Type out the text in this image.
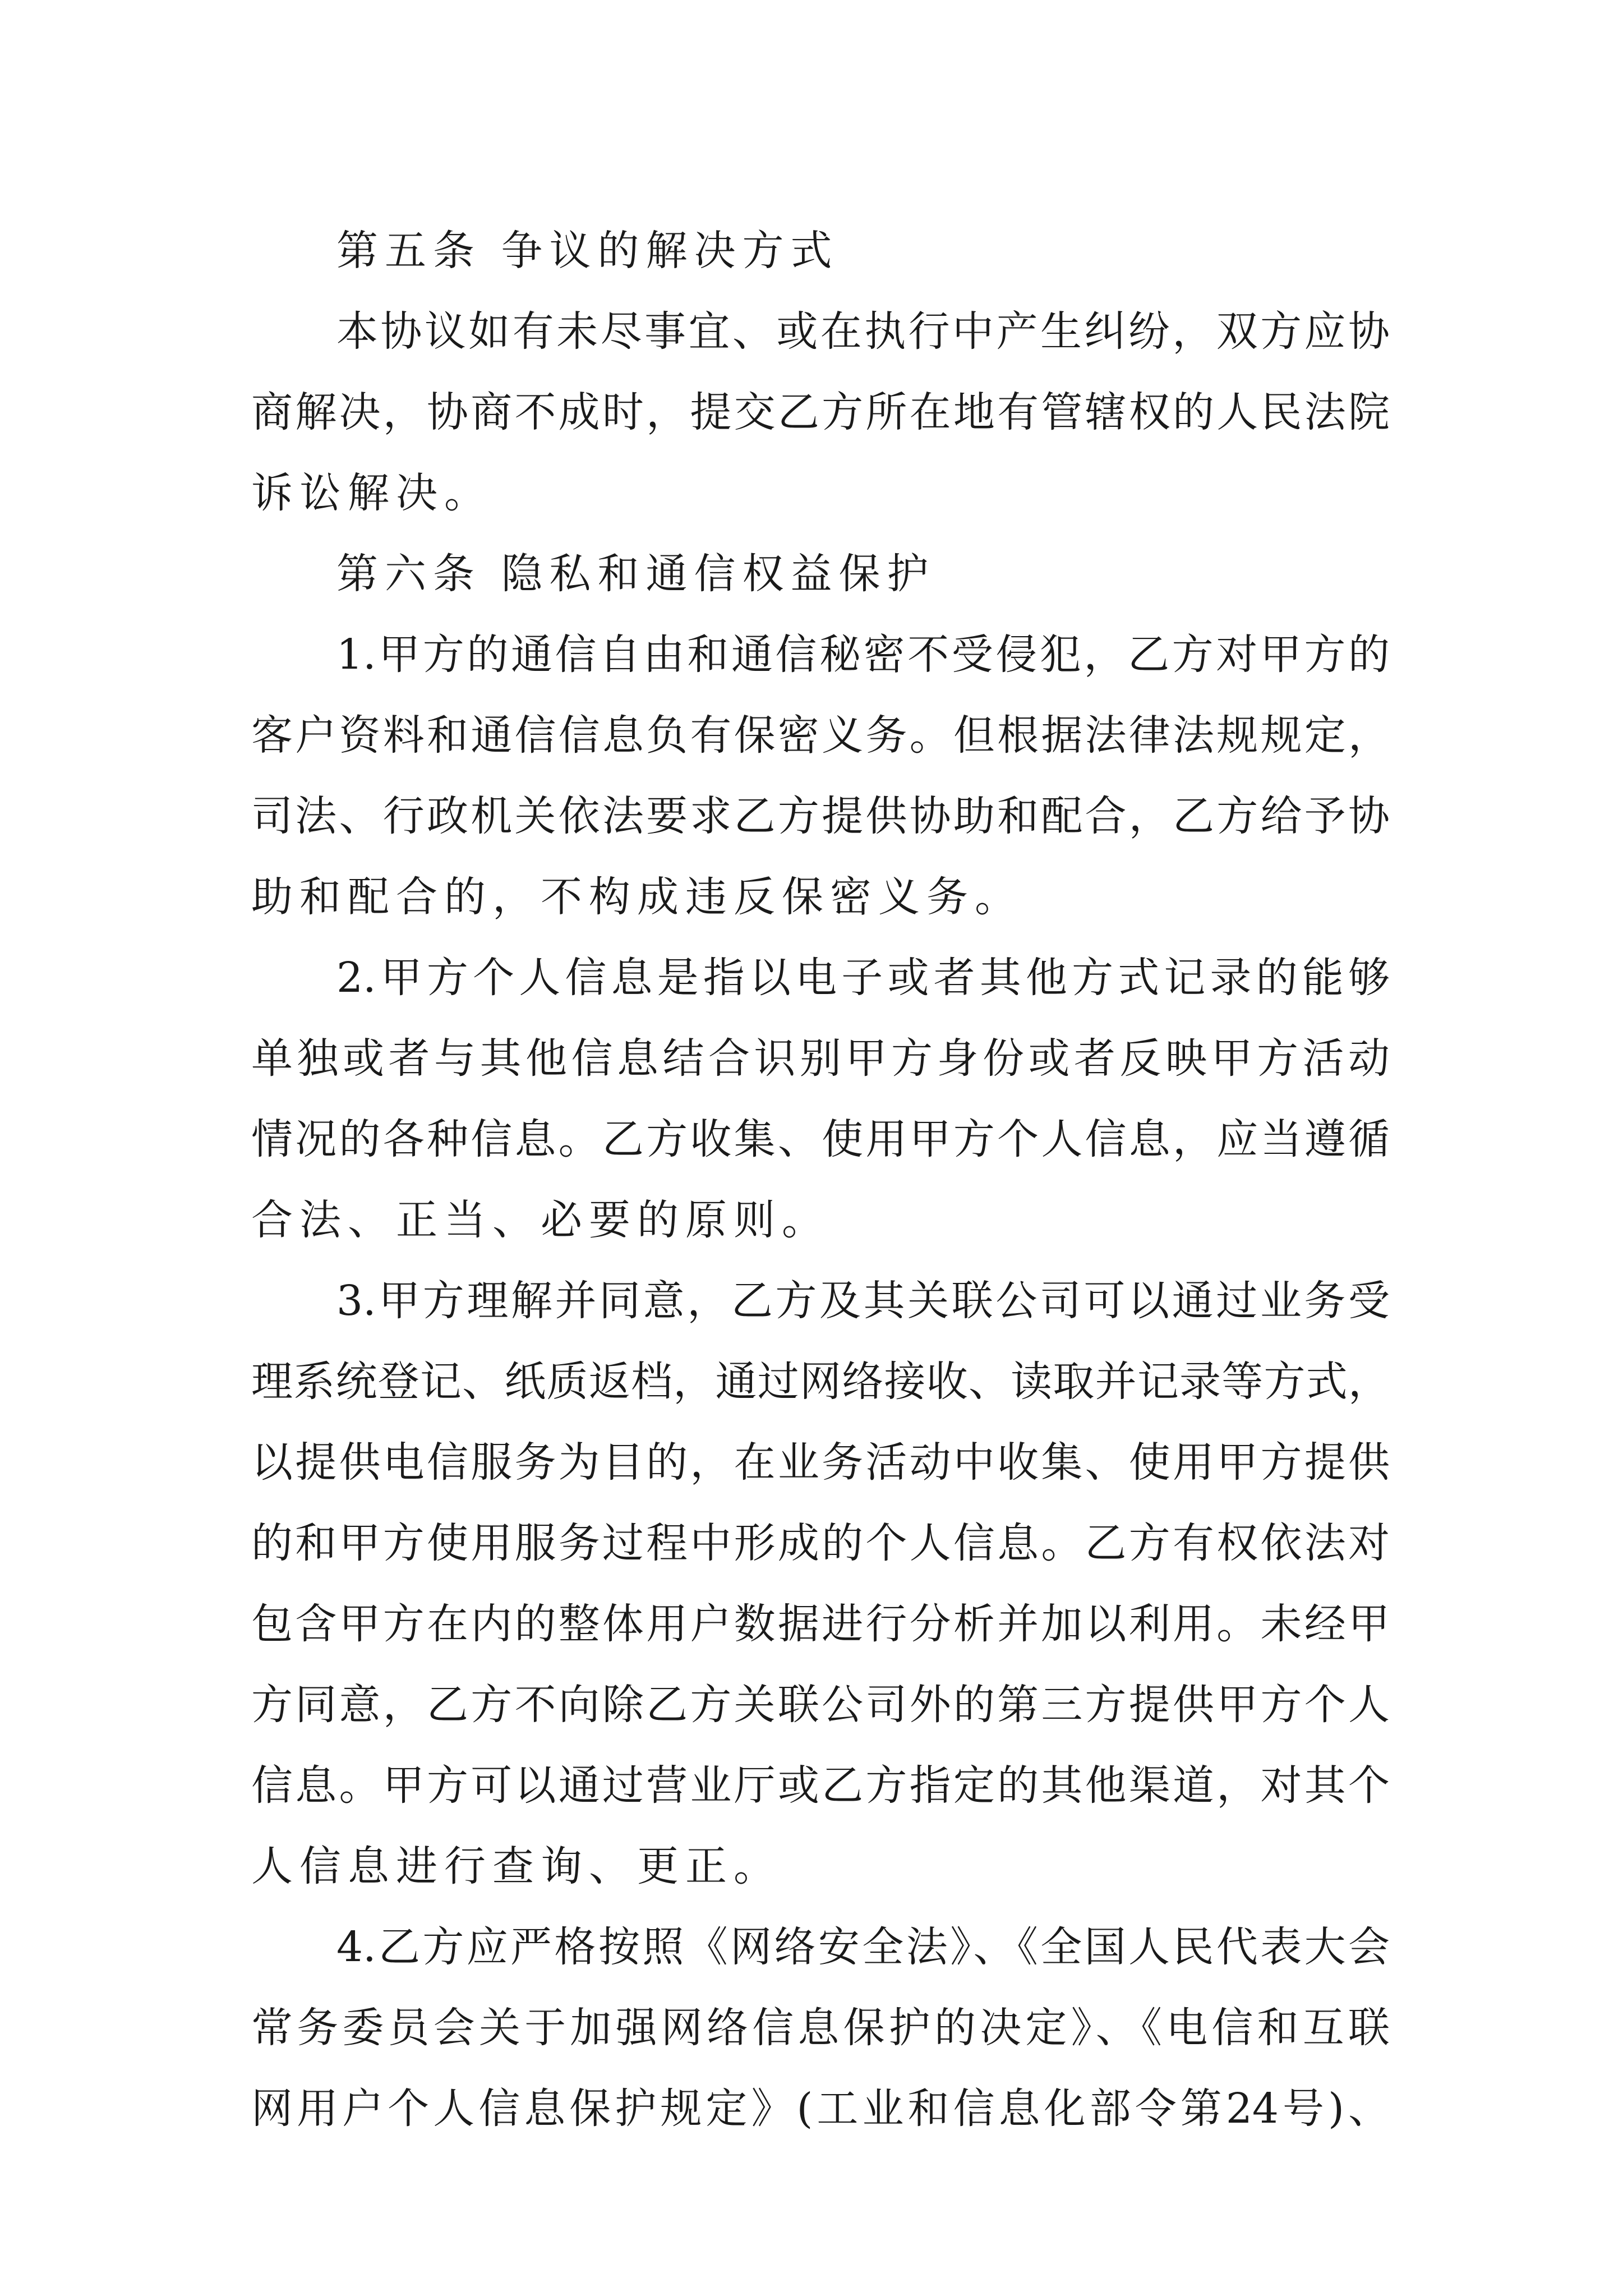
第五条 争议的解决方式
本协议如有未尽事宜、或在执行中产生纠纷，双方应协
商解决，协商不成时，提交乙方所在地有管辖权的人民法院
诉讼解决。
第六条 隐私和通信权益保护
1.甲方的通信自由和通信秘密不受侵犯，乙方对甲方的
客户资料和通信信息负有保密义务。但根据法律法规规定，
司法、行政机关依法要求乙方提供协助和配合，乙方给予协
助和配合的，不构成违反保密义务。
2.甲方个人信息是指以电子或者其他方式记录的能够
单独或者与其他信息结合识别甲方身份或者反映甲方活动
情况的各种信息。乙方收集、使用甲方个人信息，应当遵循
合法、正当、必要的原则。
3.甲方理解并同意，乙方及其关联公司可以通过业务受
理系统登记、纸质返档，通过网络接收、读取并记录等方式，
以提供电信服务为目的，在业务活动中收集、使用甲方提供
的和甲方使用服务过程中形成的个人信息。乙方有权依法对
包含甲方在内的整体用户数据进行分析并加以利用。未经甲
方同意，乙方不向除乙方关联公司外的第三方提供甲方个人
信息。甲方可以通过营业厅或乙方指定的其他渠道，对其个
人信息进行查询、更正。
4.乙方应严格按照《网络安全法》、《全国人民代表大会
常务委员会关于加强网络信息保护的决定》、《电信和互联
网用户个人信息保护规定》(工业和信息化部令第24号)、
